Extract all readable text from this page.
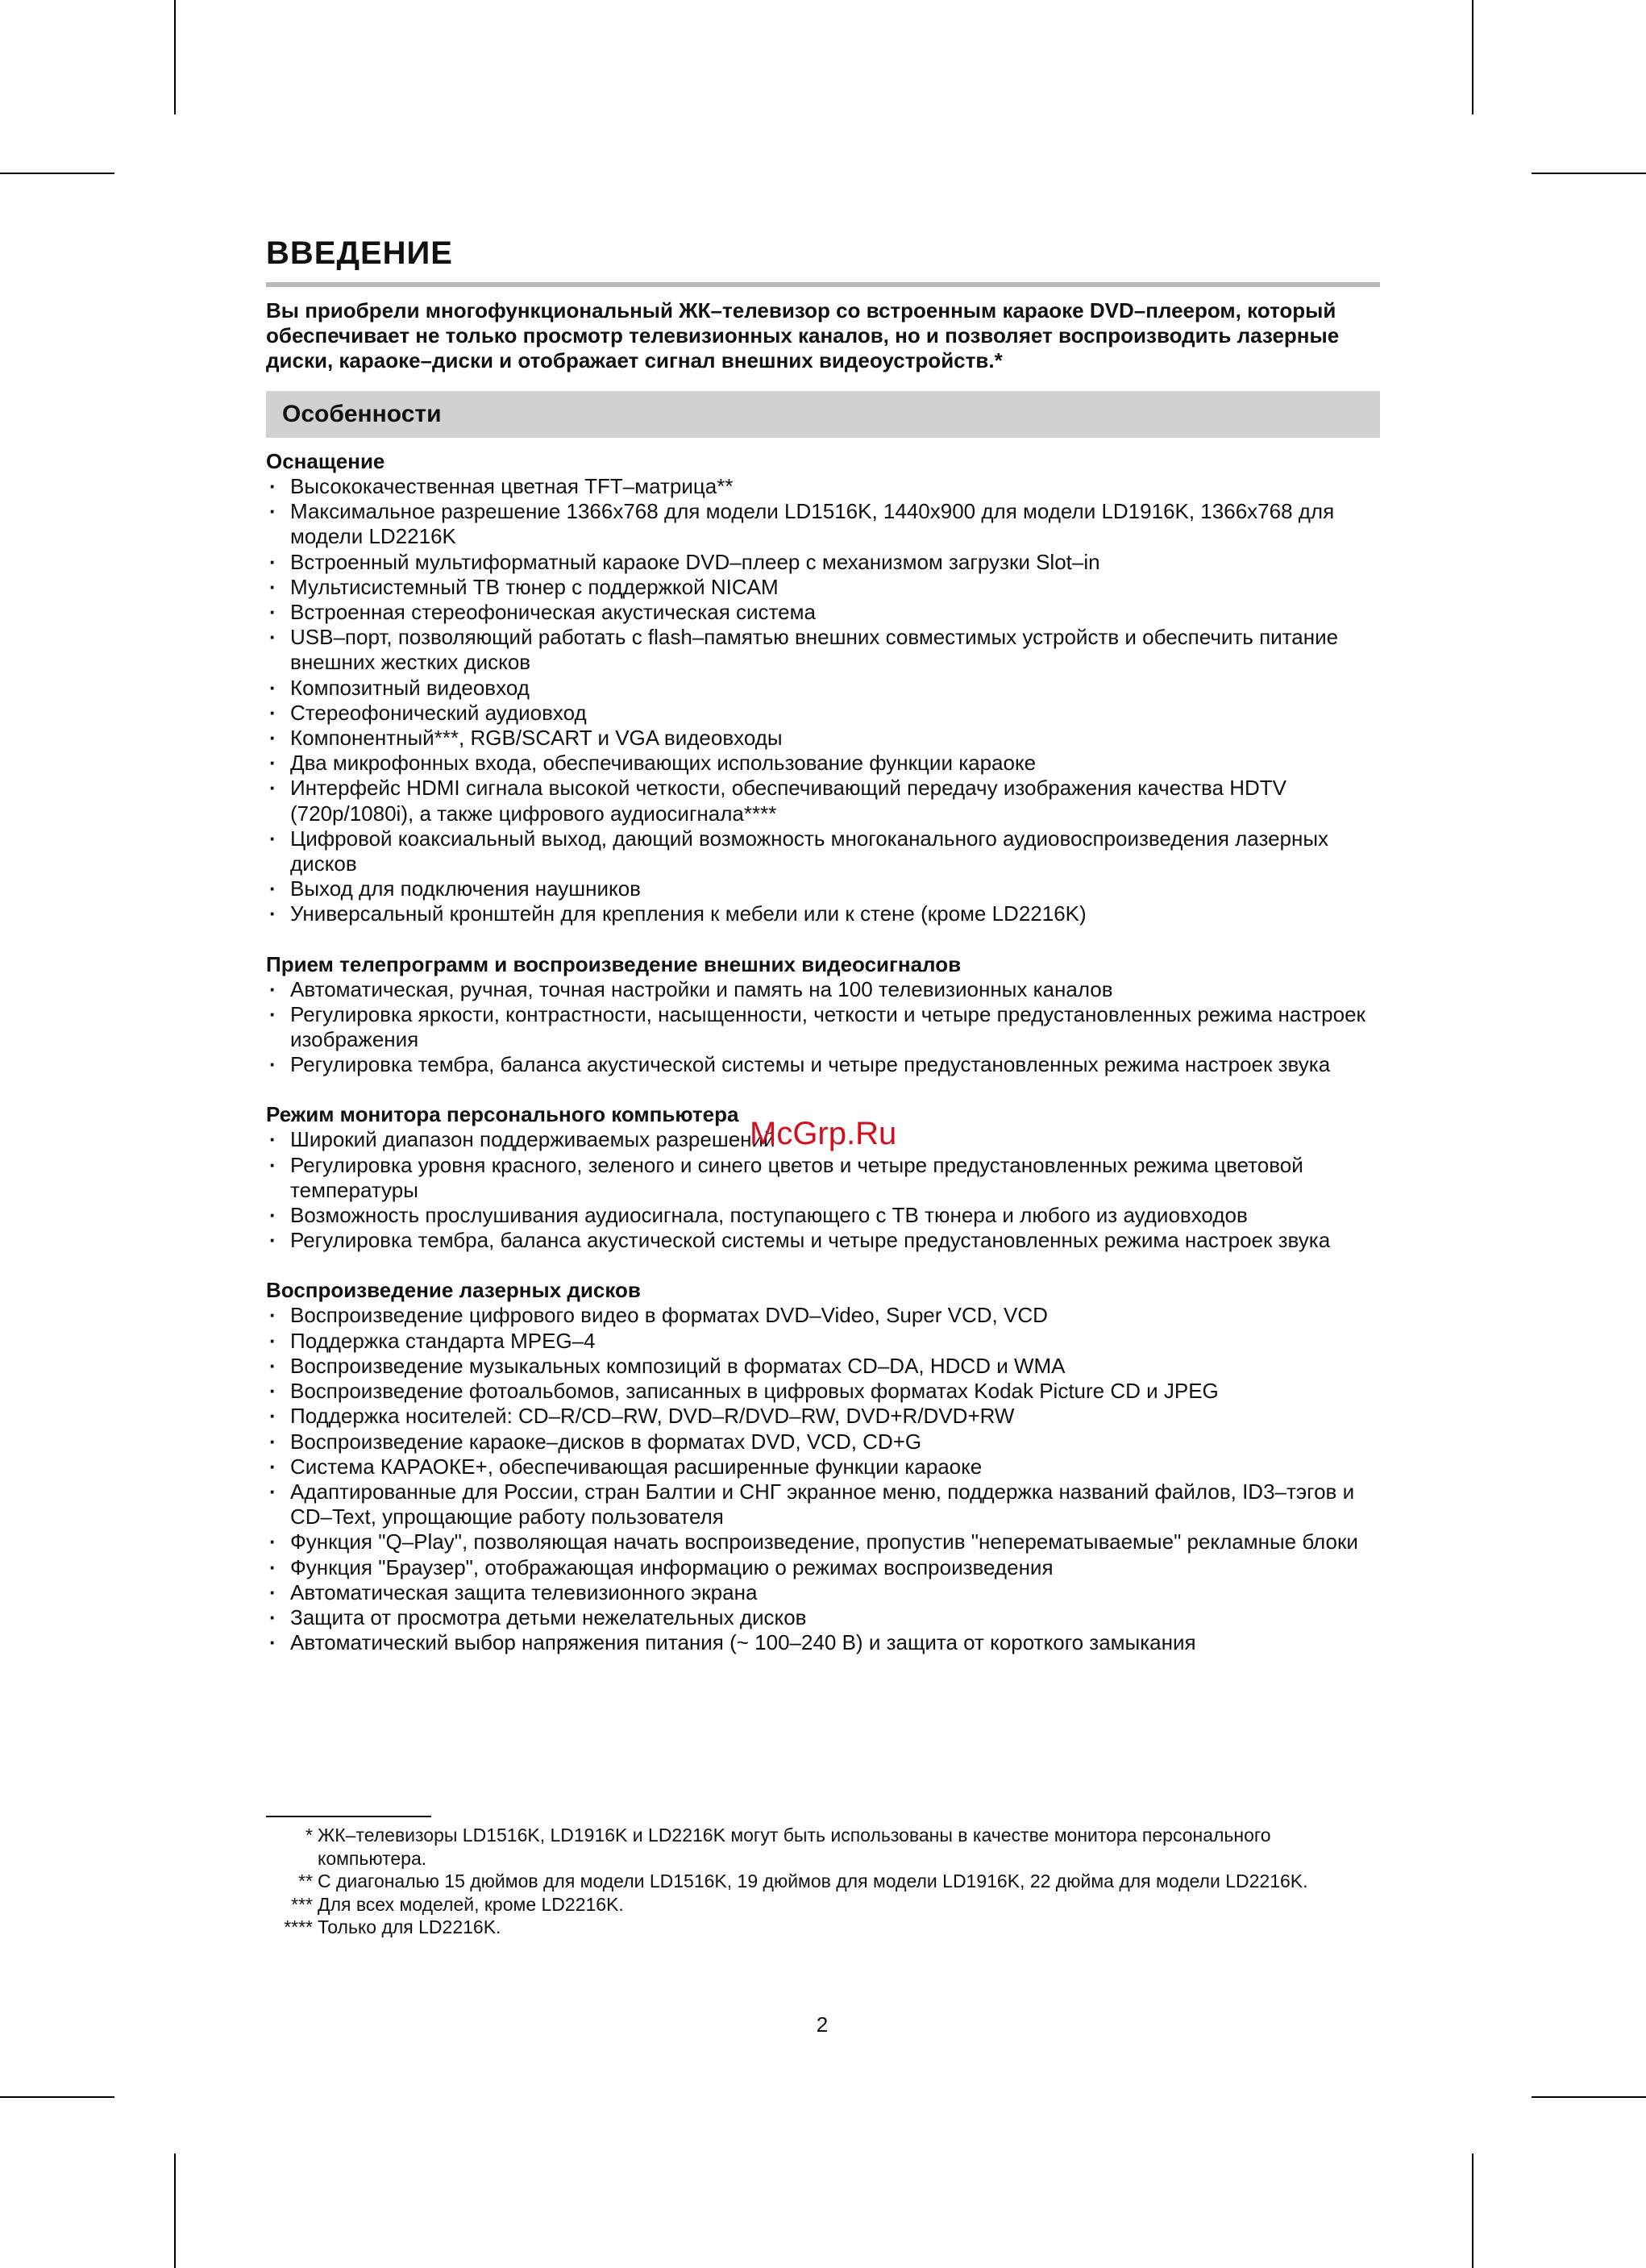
ВВЕДЕНИЕ
Вы приобрели многофункциональный ЖК–телевизор со встроенным караоке DVD–плеером, который обеспечивает не только просмотр телевизионных каналов, но и позволяет воспроизводить лазерные диски, караоке–диски и отображает сигнал внешних видеоустройств.*
Особенности
Оснащение
· Высококачественная цветная TFT–матрица**
· Максимальное разрешение 1366x768 для модели LD1516K, 1440x900 для модели LD1916K, 1366x768 для модели LD2216K
· Встроенный мультиформатный караоке DVD–плеер с механизмом загрузки Slot–in
· Мультисистемный ТВ тюнер с поддержкой NICAM
· Встроенная стереофоническая акустическая система
· USB–порт, позволяющий работать с flash–памятью внешних совместимых устройств и обеспечить питание внешних жестких дисков
· Композитный видеовход
· Стереофонический аудиовход
· Компонентный***, RGB/SCART и VGA видеовходы
· Два микрофонных входа, обеспечивающих использование функции караоке
· Интерфейс HDMI сигнала высокой четкости, обеспечивающий передачу изображения качества HDTV (720p/1080i), а также цифрового аудиосигнала****
· Цифровой коаксиальный выход, дающий возможность многоканального аудиовоспроизведения лазерных дисков
· Выход для подключения наушников
· Универсальный кронштейн для крепления к мебели или к стене (кроме LD2216K)
Прием телепрограмм и воспроизведение внешних видеосигналов
· Автоматическая, ручная, точная настройки и память на 100 телевизионных каналов
· Регулировка яркости, контрастности, насыщенности, четкости и четыре предустановленных режима настроек изображения
· Регулировка тембра, баланса акустической системы и четыре предустановленных режима настроек звука
Режим монитора персонального компьютера
· Широкий диапазон поддерживаемых разрешений
· Регулировка уровня красного, зеленого и синего цветов и четыре предустановленных режима цветовой температуры
· Возможность прослушивания аудиосигнала, поступающего с ТВ тюнера и любого из аудиовходов
· Регулировка тембра, баланса акустической системы и четыре предустановленных режима настроек звука
Воспроизведение лазерных дисков
· Воспроизведение цифрового видео в форматах DVD–Video, Super VCD, VCD
· Поддержка стандарта MPEG–4
· Воспроизведение музыкальных композиций в форматах CD–DA, HDCD и WMA
· Воспроизведение фотоальбомов, записанных в цифровых форматах Kodak Picture CD и JPEG
· Поддержка носителей: CD–R/CD–RW, DVD–R/DVD–RW, DVD+R/DVD+RW
· Воспроизведение караоке–дисков в форматах DVD, VCD, CD+G
· Система КАРАОКЕ+, обеспечивающая расширенные функции караоке
· Адаптированные для России, стран Балтии и СНГ экранное меню, поддержка названий файлов, ID3–тэгов и CD–Text, упрощающие работу пользователя
· Функция "Q–Play", позволяющая начать воспроизведение, пропустив "неперематываемые" рекламные блоки
· Функция "Браузер", отображающая информацию о режимах воспроизведения
· Автоматическая защита телевизионного экрана
· Защита от просмотра детьми нежелательных дисков
· Автоматический выбор напряжения питания (~ 100–240 В) и защита от короткого замыкания
McGrp.Ru
* ЖК–телевизоры LD1516K, LD1916K и LD2216K могут быть использованы в качестве монитора персонального компьютера.
** С диагональю 15 дюймов для модели LD1516K, 19 дюймов для модели LD1916K, 22 дюйма для модели LD2216K.
*** Для всех моделей, кроме LD2216K.
**** Только для LD2216K.
2
